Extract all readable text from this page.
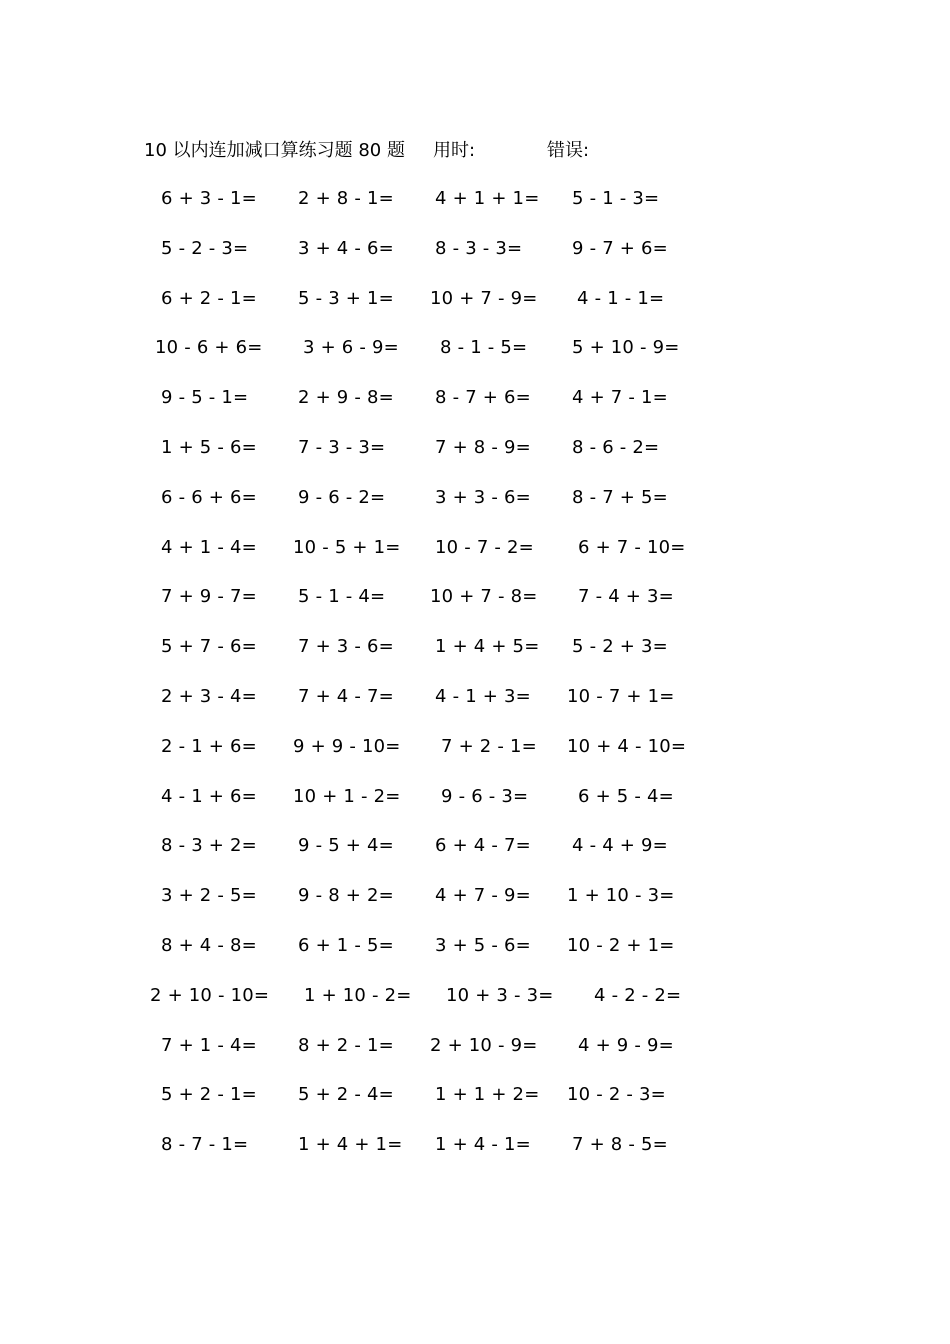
10 以内连加减口算练习题 80 题 用时:	错误:
6 + 3 - 1= 2 + 8 - 1= 4 + 1 + 1= 5 - 1 - 3=
5 - 2 - 3=	3 + 4 - 6= 8 - 3 - 3=	9 - 7 + 6=
6 + 2 - 1= 5 - 3 + 1= 10 + 7 - 9= 4 - 1 - 1=
10 - 6 + 6= 3 + 6 - 9= 8 - 1 - 5= 5 + 10 - 9=
9 - 5 - 1=	2 + 9 - 8= 8 - 7 + 6= 4 + 7 - 1=
1 + 5 - 6= 7 - 3 - 3=	7 + 8 - 9= 8 - 6 - 2=
6 - 6 + 6= 9 - 6 - 2=	3 + 3 - 6= 8 - 7 + 5=
4 + 1 - 4= 10 - 5 + 1= 10 - 7 - 2= 6 + 7 - 10=
7 + 9 - 7= 5 - 1 - 4= 10 + 7 - 8= 7 - 4 + 3=
5 + 7 - 6= 7 + 3 - 6= 1 + 4 + 5= 5 - 2 + 3=
2 + 3 - 4= 7 + 4 - 7= 4 - 1 + 3= 10 - 7 + 1=
2 - 1 + 6= 9 + 9 - 10= 7 + 2 - 1= 10 + 4 - 10=
4 - 1 + 6= 10 + 1 - 2= 9 - 6 - 3=	6 + 5 - 4=
8 - 3 + 2= 9 - 5 + 4= 6 + 4 - 7= 4 - 4 + 9=
3 + 2 - 5= 9 - 8 + 2= 4 + 7 - 9= 1 + 10 - 3=
8 + 4 - 8= 6 + 1 - 5= 3 + 5 - 6= 10 - 2 + 1=
2 + 10 - 10= 1 + 10 - 2= 10 + 3 - 3= 4 - 2 - 2=
7 + 1 - 4= 8 + 2 - 1= 2 + 10 - 9= 4 + 9 - 9=
5 + 2 - 1= 5 + 2 - 4= 1 + 1 + 2= 10 - 2 - 3=
8 - 7 - 1=	1 + 4 + 1= 1 + 4 - 1= 7 + 8 - 5=
